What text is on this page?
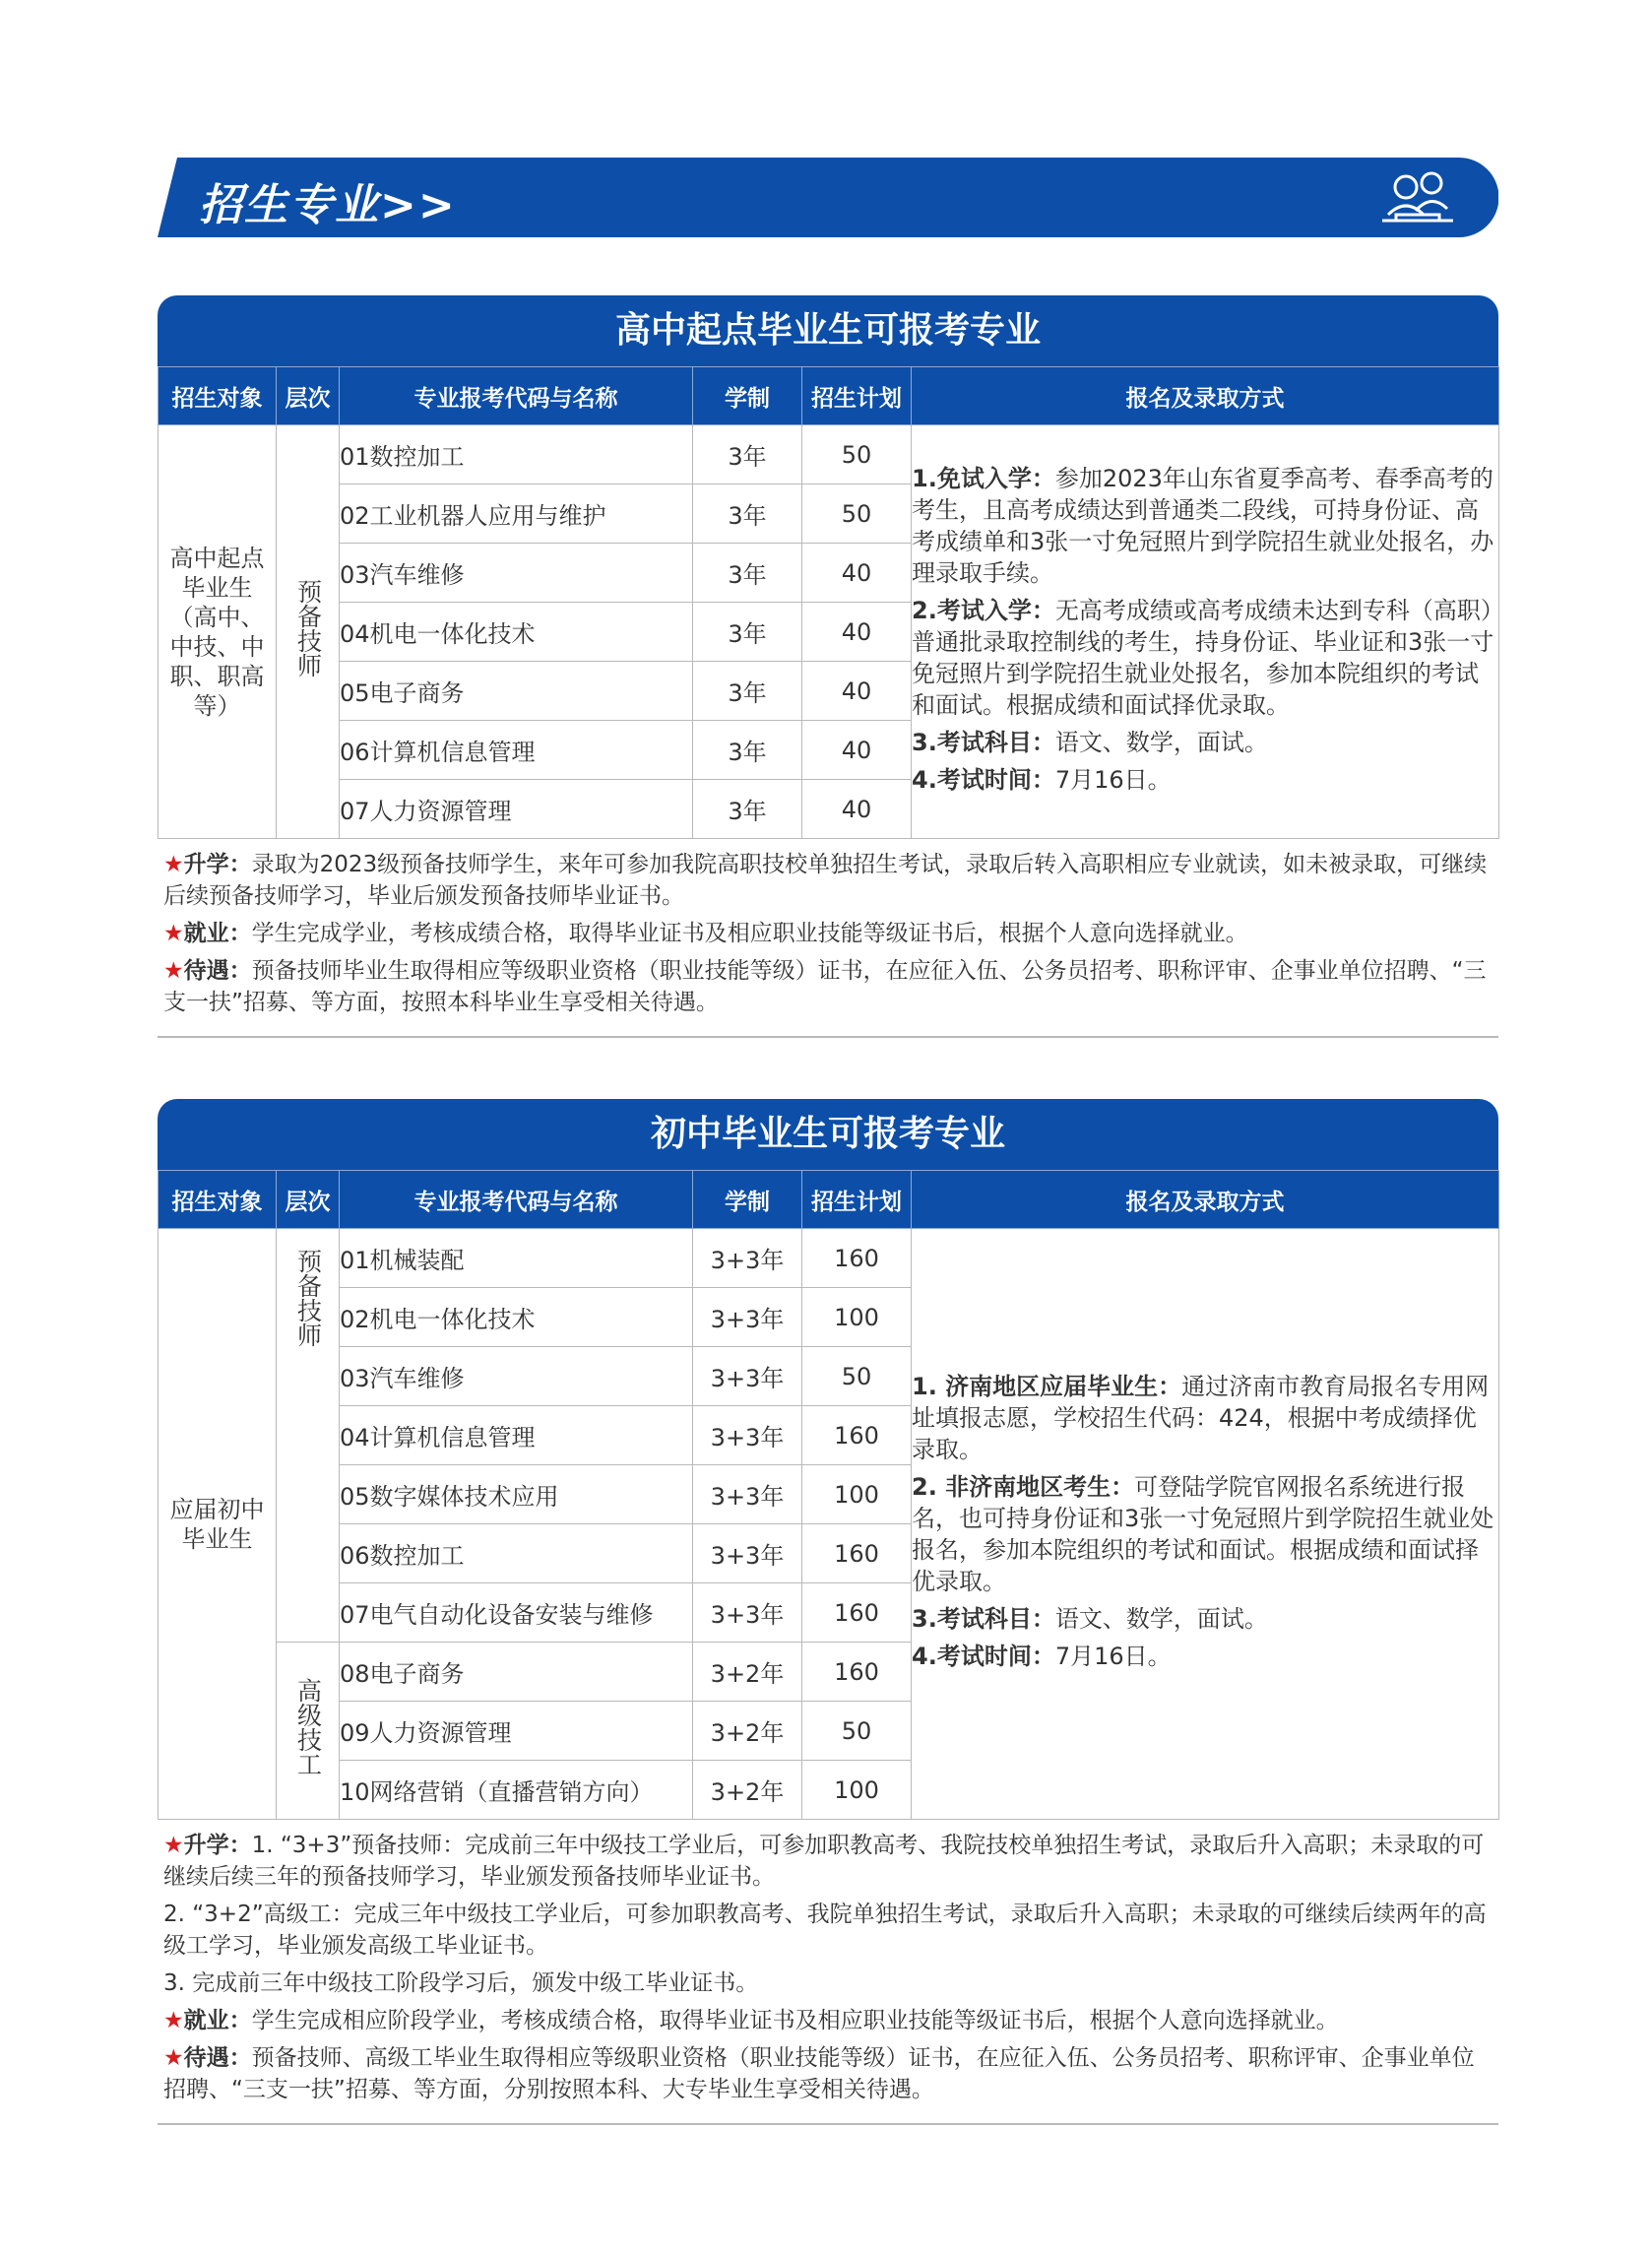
招生专业>>
高中起点毕业生可报考专业
招生对象	层次	专业报考代码与名称	学制	招生计划	报名及录取方式

高中起点毕业生（高中、中技、中职、职高等）	预备技师	01数控加工	3年	50	1.免试入学：参加2023年山东省夏季高考、春季高考的考生，且高考成绩达到普通类二段线，可持身份证、高考成绩单和3张一寸免冠照片到学院招生就业处报名，办理录取手续。

2.考试入学：无高考成绩或高考成绩未达到专科（高职）普通批录取控制线的考生，持身份证、毕业证和3张一寸免冠照片到学院招生就业处报名，参加本院组织的考试和面试。根据成绩和面试择优录取。

3.考试科目：语文、数学，面试。

4.考试时间：7月16日。

		02工业机器人应用与维护	3年	50	
		03汽车维修	3年	40	
		04机电一体化技术	3年	40	
		05电子商务	3年	40	
		06计算机信息管理	3年	40	
		07人力资源管理	3年	40	

★升学：录取为2023级预备技师学生，来年可参加我院高职技校单独招生考试，录取后转入高职相应专业就读，如未被录取，可继续后续预备技师学习，毕业后颁发预备技师毕业证书。

★就业：学生完成学业，考核成绩合格，取得毕业证书及相应职业技能等级证书后，根据个人意向选择就业。

★待遇：预备技师毕业生取得相应等级职业资格（职业技能等级）证书，在应征入伍、公务员招考、职称评审、企事业单位招聘、“三支一扶”招募、等方面，按照本科毕业生享受相关待遇。

初中毕业生可报考专业
招生对象	层次	专业报考代码与名称	学制	招生计划	报名及录取方式

应届初中毕业生	预备技师	01机械装配	3+3年	160	1. 济南地区应届毕业生：通过济南市教育局报名专用网址填报志愿，学校招生代码：424，根据中考成绩择优录取。

2. 非济南地区考生：可登陆学院官网报名系统进行报名，也可持身份证和3张一寸免冠照片到学院招生就业处报名，参加本院组织的考试和面试。根据成绩和面试择优录取。

3.考试科目：语文、数学，面试。

4.考试时间：7月16日。

		02机电一体化技术	3+3年	100	
		03汽车维修	3+3年	50	
		04计算机信息管理	3+3年	160	
		05数字媒体技术应用	3+3年	100	
		06数控加工	3+3年	160	
		07电气自动化设备安装与维修	3+3年	160	
	高级技工	08电子商务	3+2年	160	
		09人力资源管理	3+2年	50	
		10网络营销（直播营销方向）	3+2年	100	

★升学：1. “3+3”预备技师：完成前三年中级技工学业后，可参加职教高考、我院技校单独招生考试，录取后升入高职；未录取的可继续后续三年的预备技师学习，毕业颁发预备技师毕业证书。

2. “3+2”高级工：完成三年中级技工学业后，可参加职教高考、我院单独招生考试，录取后升入高职；未录取的可继续后续两年的高级工学习，毕业颁发高级工毕业证书。

3. 完成前三年中级技工阶段学习后，颁发中级工毕业证书。

★就业：学生完成相应阶段学业，考核成绩合格，取得毕业证书及相应职业技能等级证书后，根据个人意向选择就业。

★待遇：预备技师、高级工毕业生取得相应等级职业资格（职业技能等级）证书，在应征入伍、公务员招考、职称评审、企事业单位招聘、“三支一扶”招募、等方面，分别按照本科、大专毕业生享受相关待遇。
